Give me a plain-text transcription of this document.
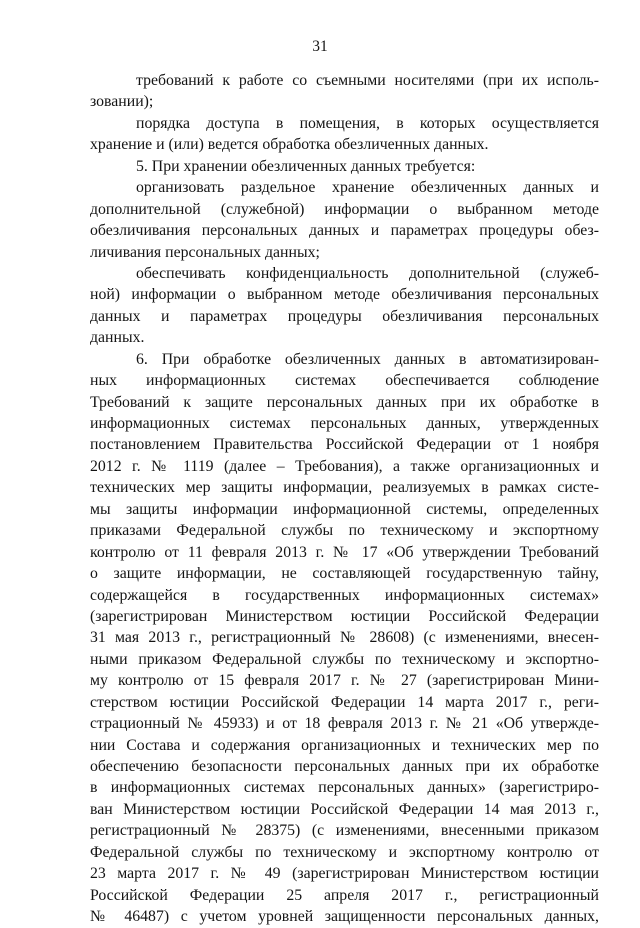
31
требований к работе со съемными носителями (при их исполь-
зовании);
порядка доступа в помещения, в которых осуществляется
хранение и (или) ведется обработка обезличенных данных.
5. При хранении обезличенных данных требуется:
организовать раздельное хранение обезличенных данных и
дополнительной (служебной) информации о выбранном методе
обезличивания персональных данных и параметрах процедуры обез-
личивания персональных данных;
обеспечивать конфиденциальность дополнительной (служеб-
ной) информации о выбранном методе обезличивания персональных
данных и параметрах процедуры обезличивания персональных
данных.
6. При обработке обезличенных данных в автоматизирован-
ных информационных системах обеспечивается соблюдение
Требований к защите персональных данных при их обработке в
информационных системах персональных данных, утвержденных
постановлением Правительства Российской Федерации от 1 ноября
2012 г. № 1119 (далее – Требования), а также организационных и
технических мер защиты информации, реализуемых в рамках систе-
мы защиты информации информационной системы, определенных
приказами Федеральной службы по техническому и экспортному
контролю от 11 февраля 2013 г. № 17 «Об утверждении Требований
о защите информации, не составляющей государственную тайну,
содержащейся в государственных информационных системах»
(зарегистрирован Министерством юстиции Российской Федерации
31 мая 2013 г., регистрационный № 28608) (с изменениями, внесен-
ными приказом Федеральной службы по техническому и экспортно-
му контролю от 15 февраля 2017 г. № 27 (зарегистрирован Мини-
стерством юстиции Российской Федерации 14 марта 2017 г., реги-
страционный № 45933) и от 18 февраля 2013 г. № 21 «Об утвержде-
нии Состава и содержания организационных и технических мер по
обеспечению безопасности персональных данных при их обработке
в информационных системах персональных данных» (зарегистриро-
ван Министерством юстиции Российской Федерации 14 мая 2013 г.,
регистрационный № 28375) (с изменениями, внесенными приказом
Федеральной службы по техническому и экспортному контролю от
23 марта 2017 г. № 49 (зарегистрирован Министерством юстиции
Российской Федерации 25 апреля 2017 г., регистрационный
№ 46487) с учетом уровней защищенности персональных данных,
